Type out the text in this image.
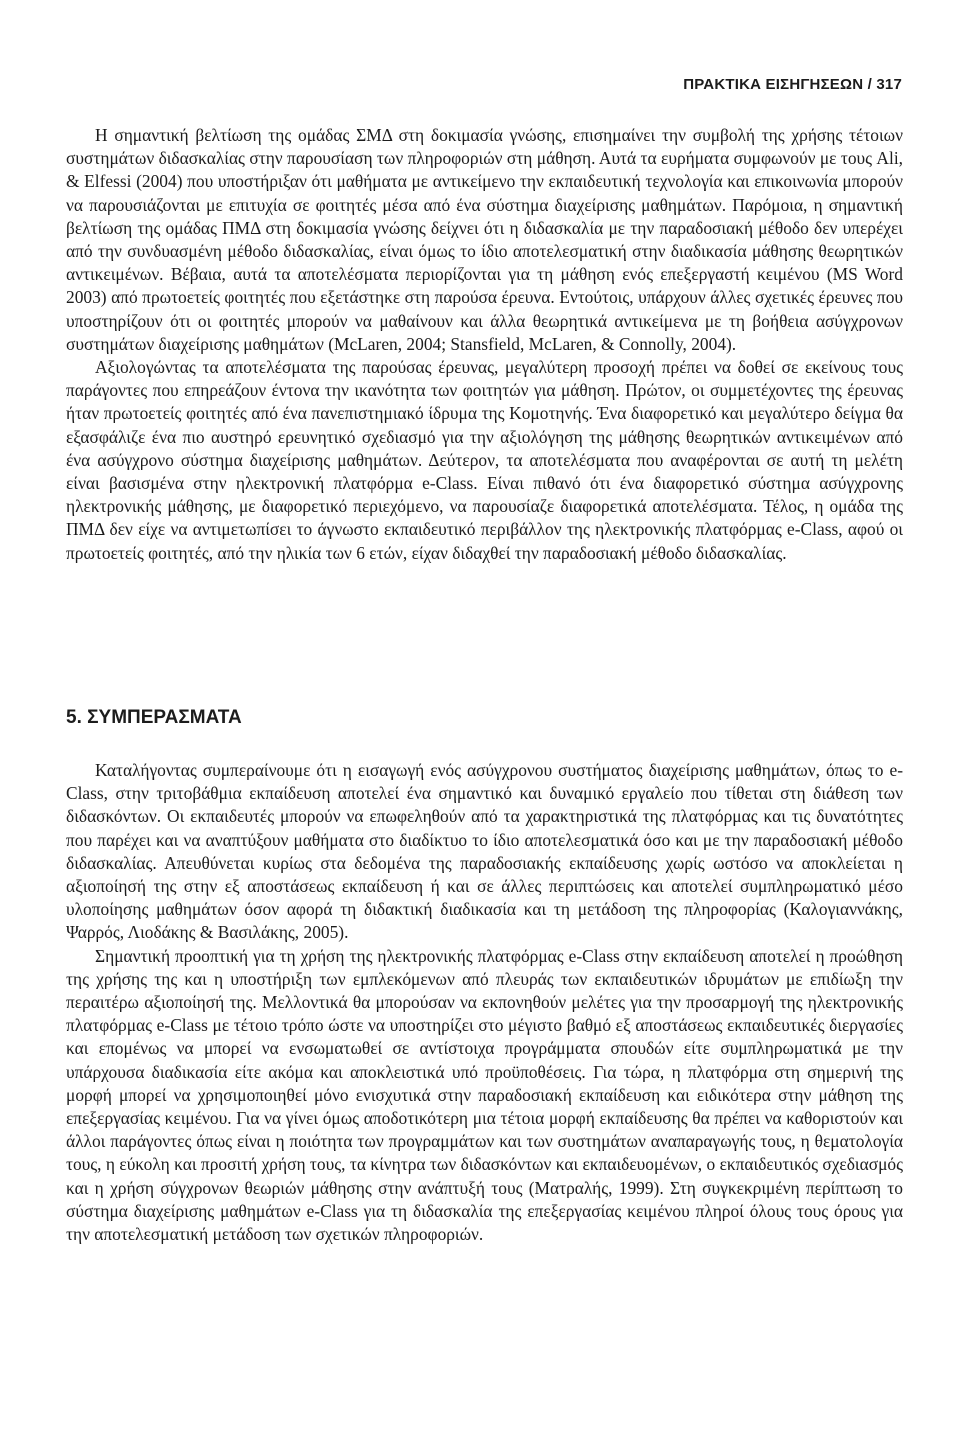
ΠΡΑΚΤΙΚΑ ΕΙΣΗΓΗΣΕΩΝ / 317

Η σημαντική βελτίωση της ομάδας ΣΜΔ στη δοκιμασία γνώσης, επισημαίνει την συμβολή της χρήσης τέτοιων συστημάτων διδασκαλίας στην παρουσίαση των πληροφοριών στη μάθηση. Αυτά τα ευρήματα συμφωνούν με τους Ali, & Elfessi (2004) που υποστήριξαν ότι μαθήματα με αντικείμενο την εκπαιδευτική τεχνολογία και επικοινωνία μπορούν να παρουσιάζονται με επιτυχία σε φοιτητές μέσα από ένα σύστημα διαχείρισης μαθημάτων. Παρόμοια, η σημαντική βελτίωση της ομάδας ΠΜΔ στη δοκιμασία γνώσης δείχνει ότι η διδασκαλία με την παραδοσιακή μέθοδο δεν υπερέχει από την συνδυασμένη μέθοδο διδασκαλίας, είναι όμως το ίδιο αποτελεσματική στην διαδικασία μάθησης θεωρητικών αντικειμένων. Βέβαια, αυτά τα αποτελέσματα περιορίζονται για τη μάθηση ενός επεξεργαστή κειμένου (MS Word 2003) από πρωτοετείς φοιτητές που εξετάστηκε στη παρούσα έρευνα. Εντούτοις, υπάρχουν άλλες σχετικές έρευνες που υποστηρίζουν ότι οι φοιτητές μπορούν να μαθαίνουν και άλλα θεωρητικά αντικείμενα με τη βοήθεια ασύγχρονων συστημάτων διαχείρισης μαθημάτων (McLaren, 2004; Stansfield, McLaren, & Connolly, 2004).

Αξιολογώντας τα αποτελέσματα της παρούσας έρευνας, μεγαλύτερη προσοχή πρέπει να δοθεί σε εκείνους τους παράγοντες που επηρεάζουν έντονα την ικανότητα των φοιτητών για μάθηση. Πρώτον, οι συμμετέχοντες της έρευνας ήταν πρωτοετείς φοιτητές από ένα πανεπιστημιακό ίδρυμα της Κομοτηνής. Ένα διαφορετικό και μεγαλύτερο δείγμα θα εξασφάλιζε ένα πιο αυστηρό ερευνητικό σχεδιασμό για την αξιολόγηση της μάθησης θεωρητικών αντικειμένων από ένα ασύγχρονο σύστημα διαχείρισης μαθημάτων. Δεύτερον, τα αποτελέσματα που αναφέρονται σε αυτή τη μελέτη είναι βασισμένα στην ηλεκτρονική πλατφόρμα e-Class. Είναι πιθανό ότι ένα διαφορετικό σύστημα ασύγχρονης ηλεκτρονικής μάθησης, με διαφορετικό περιεχόμενο, να παρουσίαζε διαφορετικά αποτελέσματα. Τέλος, η ομάδα της ΠΜΔ δεν είχε να αντιμετωπίσει το άγνωστο εκπαιδευτικό περιβάλλον της ηλεκτρονικής πλατφόρμας e-Class, αφού οι πρωτοετείς φοιτητές, από την ηλικία των 6 ετών, είχαν διδαχθεί την παραδοσιακή μέθοδο διδασκαλίας.

5. ΣΥΜΠΕΡΑΣΜΑΤΑ

Καταλήγοντας συμπεραίνουμε ότι η εισαγωγή ενός ασύγχρονου συστήματος διαχείρισης μαθημάτων, όπως το e-Class, στην τριτοβάθμια εκπαίδευση αποτελεί ένα σημαντικό και δυναμικό εργαλείο που τίθεται στη διάθεση των διδασκόντων. Οι εκπαιδευτές μπορούν να επωφεληθούν από τα χαρακτηριστικά της πλατφόρμας και τις δυνατότητες που παρέχει και να αναπτύξουν μαθήματα στο διαδίκτυο το ίδιο αποτελεσματικά όσο και με την παραδοσιακή μέθοδο διδασκαλίας. Απευθύνεται κυρίως στα δεδομένα της παραδοσιακής εκπαίδευσης χωρίς ωστόσο να αποκλείεται η αξιοποίησή της στην εξ αποστάσεως εκπαίδευση ή και σε άλλες περιπτώσεις και αποτελεί συμπληρωματικό μέσο υλοποίησης μαθημάτων όσον αφορά τη διδακτική διαδικασία και τη μετάδοση της πληροφορίας (Καλογιαννάκης, Ψαρρός, Λιοδάκης & Βασιλάκης, 2005).

Σημαντική προοπτική για τη χρήση της ηλεκτρονικής πλατφόρμας e-Class στην εκπαίδευση αποτελεί η προώθηση της χρήσης της και η υποστήριξη των εμπλεκόμενων από πλευράς των εκπαιδευτικών ιδρυμάτων με επιδίωξη την περαιτέρω αξιοποίησή της. Μελλοντικά θα μπορούσαν να εκπονηθούν μελέτες για την προσαρμογή της ηλεκτρονικής πλατφόρμας e-Class με τέτοιο τρόπο ώστε να υποστηρίζει στο μέγιστο βαθμό εξ αποστάσεως εκπαιδευτικές διεργασίες και επομένως να μπορεί να ενσωματωθεί σε αντίστοιχα προγράμματα σπουδών είτε συμπληρωματικά με την υπάρχουσα διαδικασία είτε ακόμα και αποκλειστικά υπό προϋποθέσεις. Για τώρα, η πλατφόρμα στη σημερινή της μορφή μπορεί να χρησιμοποιηθεί μόνο ενισχυτικά στην παραδοσιακή εκπαίδευση και ειδικότερα στην μάθηση της επεξεργασίας κειμένου. Για να γίνει όμως αποδοτικότερη μια τέτοια μορφή εκπαίδευσης θα πρέπει να καθοριστούν και άλλοι παράγοντες όπως είναι η ποιότητα των προγραμμάτων και των συστημάτων αναπαραγωγής τους, η θεματολογία τους, η εύκολη και προσιτή χρήση τους, τα κίνητρα των διδασκόντων και εκπαιδευομένων, ο εκπαιδευτικός σχεδιασμός και η χρήση σύγχρονων θεωριών μάθησης στην ανάπτυξή τους (Ματραλής, 1999). Στη συγκεκριμένη περίπτωση το σύστημα διαχείρισης μαθημάτων e-Class για τη διδασκαλία της επεξεργασίας κειμένου πληροί όλους τους όρους για την αποτελεσματική μετάδοση των σχετικών πληροφοριών.
